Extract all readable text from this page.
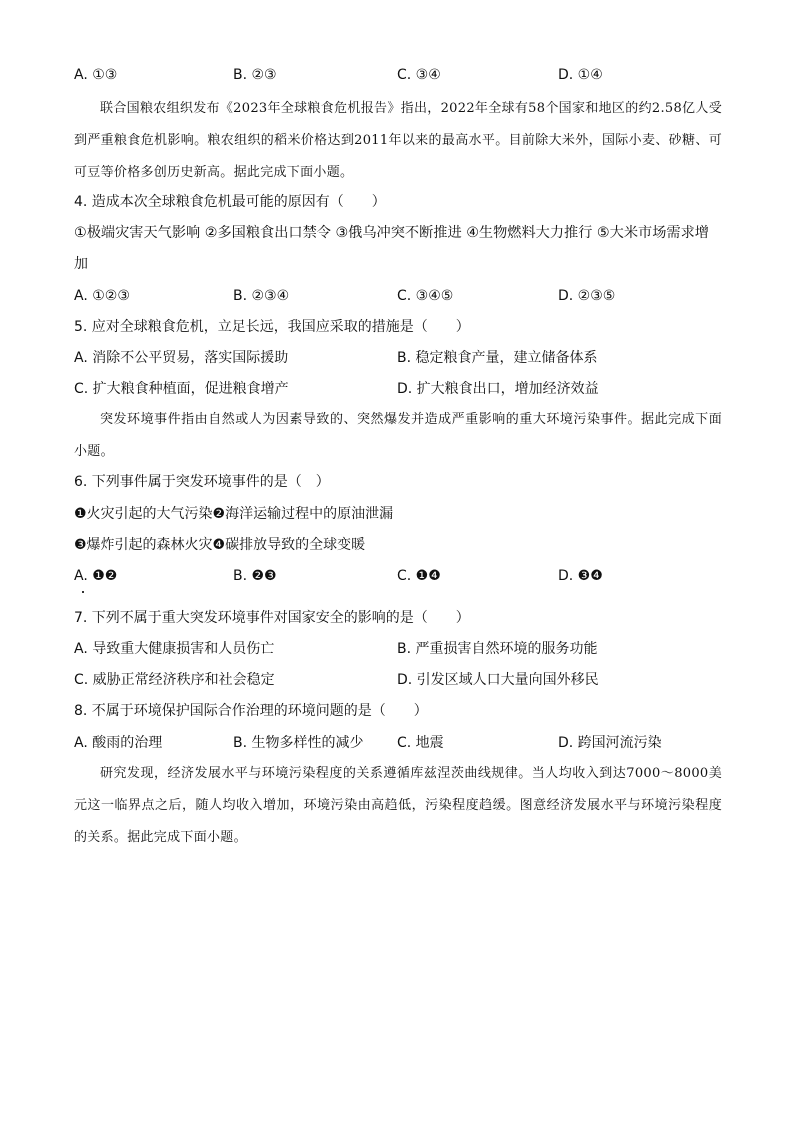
A. ①③	B. ②③	C. ③④	D. ①④
联合国粮农组织发布《2023年全球粮食危机报告》指出，2022年全球有58个国家和地区的约2.58亿人受到严重粮食危机影响。粮农组织的稻米价格达到2011年以来的最高水平。目前除大米外，国际小麦、砂糖、可可豆等价格多创历史新高。据此完成下面小题。
4. 造成本次全球粮食危机最可能的原因有（　　）
①极端灾害天气影响 ②多国粮食出口禁令 ③俄乌冲突不断推进 ④生物燃料大力推行 ⑤大米市场需求增
加
A. ①②③	B. ②③④	C. ③④⑤	D. ②③⑤
5. 应对全球粮食危机，立足长远，我国应采取的措施是（　　）
A. 消除不公平贸易，落实国际援助	B. 稳定粮食产量，建立储备体系
C. 扩大粮食种植面，促进粮食增产	D. 扩大粮食出口，增加经济效益
突发环境事件指由自然或人为因素导致的、突然爆发并造成严重影响的重大环境污染事件。据此完成下面小题。
6. 下列事件属于突发环境事件的是（　）
❶火灾引起的大气污染❷海洋运输过程中的原油泄漏
❸爆炸引起的森林火灾❹碳排放导致的全球变暖
A. ❶❷	B. ❷❸	C. ❶❹	D. ❸❹
7. 下列不属于重大突发环境事件对国家安全的影响的是（　　）
A. 导致重大健康损害和人员伤亡	B. 严重损害自然环境的服务功能
C. 威胁正常经济秩序和社会稳定	D. 引发区域人口大量向国外移民
8. 不属于环境保护国际合作治理的环境问题的是（　　）
A. 酸雨的治理	B. 生物多样性的减少 C. 地震	D. 跨国河流污染
研究发现，经济发展水平与环境污染程度的关系遵循库兹涅茨曲线规律。当人均收入到达7000～8000美元这一临界点之后，随人均收入增加，环境污染由高趋低，污染程度趋缓。图意经济发展水平与环境污染程度的关系。据此完成下面小题。
